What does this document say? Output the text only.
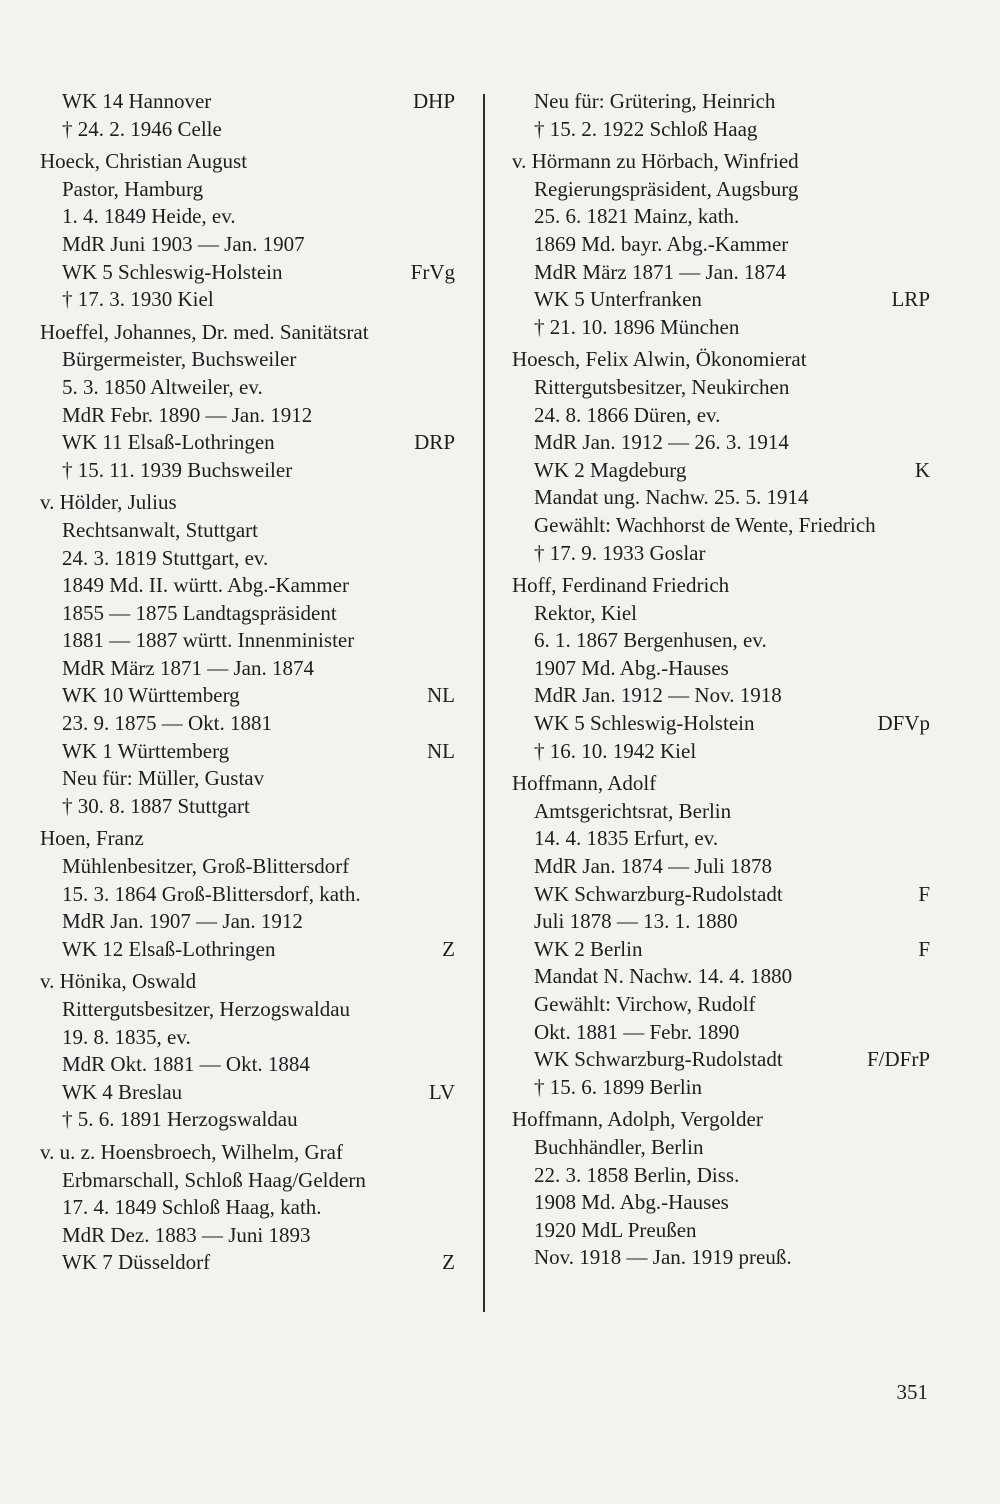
WK 14 Hannover	DHP
† 24. 2. 1946 Celle
Hoeck, Christian August
Pastor, Hamburg
1. 4. 1849 Heide, ev.
MdR Juni 1903 — Jan. 1907
WK 5 Schleswig-Holstein	FrVg
† 17. 3. 1930 Kiel
Hoeffel, Johannes, Dr. med. Sanitätsrat
Bürgermeister, Buchsweiler
5. 3. 1850 Altweiler, ev.
MdR Febr. 1890 — Jan. 1912
WK 11 Elsaß-Lothringen	DRP
† 15. 11. 1939 Buchsweiler
v. Hölder, Julius
Rechtsanwalt, Stuttgart
24. 3. 1819 Stuttgart, ev.
1849 Md. II. württ. Abg.-Kammer
1855 — 1875 Landtagspräsident
1881 — 1887 württ. Innenminister
MdR März 1871 — Jan. 1874
WK 10 Württemberg	NL
23. 9. 1875 — Okt. 1881
WK 1 Württemberg	NL
Neu für: Müller, Gustav
† 30. 8. 1887 Stuttgart
Hoen, Franz
Mühlenbesitzer, Groß-Blittersdorf
15. 3. 1864 Groß-Blittersdorf, kath.
MdR Jan. 1907 — Jan. 1912
WK 12 Elsaß-Lothringen	Z
v. Hönika, Oswald
Rittergutsbesitzer, Herzogswaldau
19. 8. 1835, ev.
MdR Okt. 1881 — Okt. 1884
WK 4 Breslau	LV
† 5. 6. 1891 Herzogswaldau
v. u. z. Hoensbroech, Wilhelm, Graf
Erbmarschall, Schloß Haag/Geldern
17. 4. 1849 Schloß Haag, kath.
MdR Dez. 1883 — Juni 1893
WK 7 Düsseldorf	Z
Neu für: Grütering, Heinrich
† 15. 2. 1922 Schloß Haag
v. Hörmann zu Hörbach, Winfried
Regierungspräsident, Augsburg
25. 6. 1821 Mainz, kath.
1869 Md. bayr. Abg.-Kammer
MdR März 1871 — Jan. 1874
WK 5 Unterfranken	LRP
† 21. 10. 1896 München
Hoesch, Felix Alwin, Ökonomierat
Rittergutsbesitzer, Neukirchen
24. 8. 1866 Düren, ev.
MdR Jan. 1912 — 26. 3. 1914
WK 2 Magdeburg	K
Mandat ung. Nachw. 25. 5. 1914
Gewählt: Wachhorst de Wente, Friedrich
† 17. 9. 1933 Goslar
Hoff, Ferdinand Friedrich
Rektor, Kiel
6. 1. 1867 Bergenhusen, ev.
1907 Md. Abg.-Hauses
MdR Jan. 1912 — Nov. 1918
WK 5 Schleswig-Holstein	DFVp
† 16. 10. 1942 Kiel
Hoffmann, Adolf
Amtsgerichtsrat, Berlin
14. 4. 1835 Erfurt, ev.
MdR Jan. 1874 — Juli 1878
WK Schwarzburg-Rudolstadt	F
Juli 1878 — 13. 1. 1880
WK 2 Berlin	F
Mandat N. Nachw. 14. 4. 1880
Gewählt: Virchow, Rudolf
Okt. 1881 — Febr. 1890
WK Schwarzburg-Rudolstadt	F/DFrP
† 15. 6. 1899 Berlin
Hoffmann, Adolph, Vergolder
Buchhändler, Berlin
22. 3. 1858 Berlin, Diss.
1908 Md. Abg.-Hauses
1920 MdL Preußen
Nov. 1918 — Jan. 1919 preuß.
351
